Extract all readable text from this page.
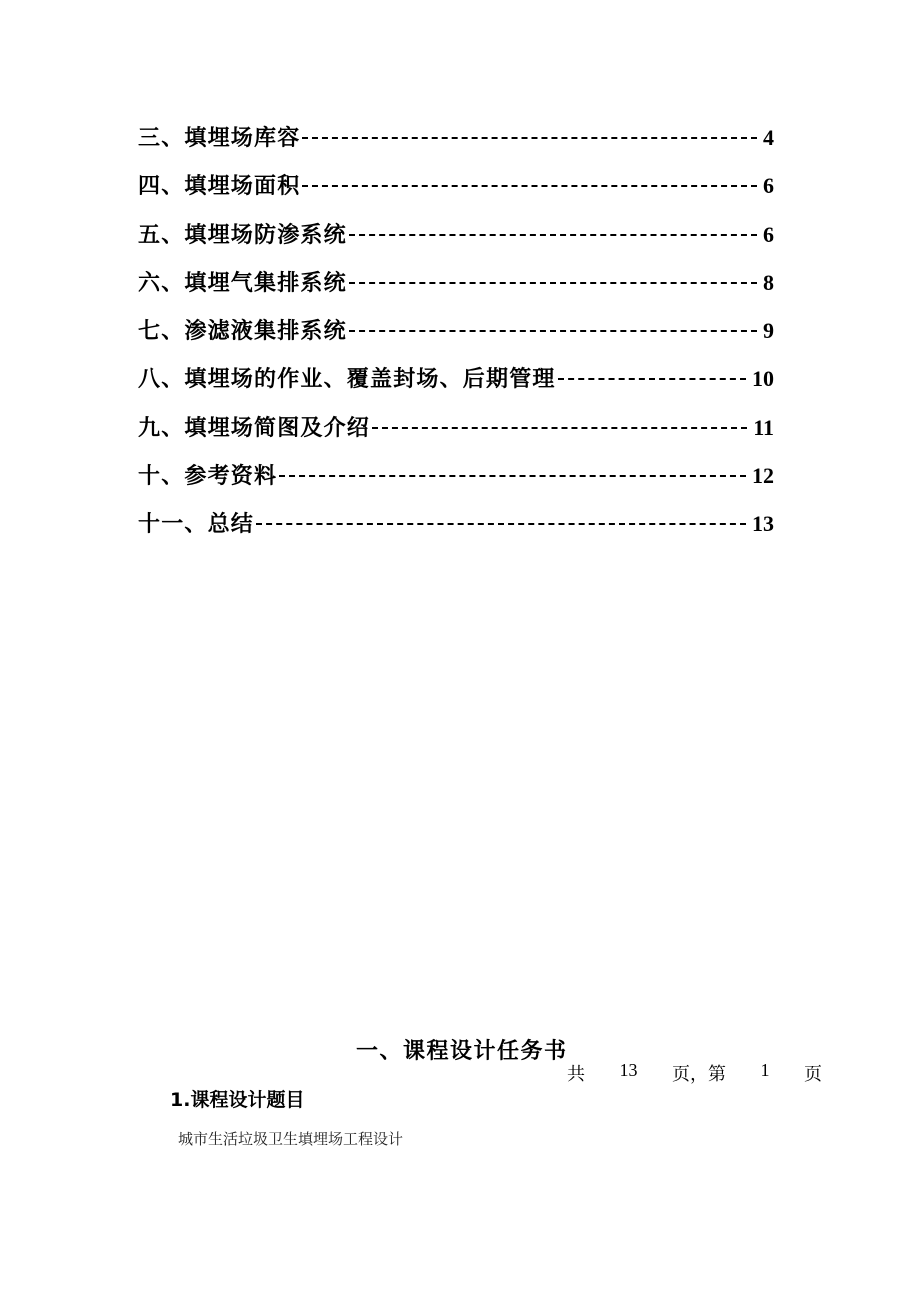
三、填埋场库容	4
四、填埋场面积	6
五、填埋场防渗系统	6
六、填埋气集排系统	8
七、渗滤液集排系统	9
八、填埋场的作业、覆盖封场、后期管理	10
九、填埋场简图及介绍	11
十、参考资料	12
十一、总结	13
一、课程设计任务书
共 13 页，第 1 页
1.课程设计题目
城市生活垃圾卫生填埋场工程设计
